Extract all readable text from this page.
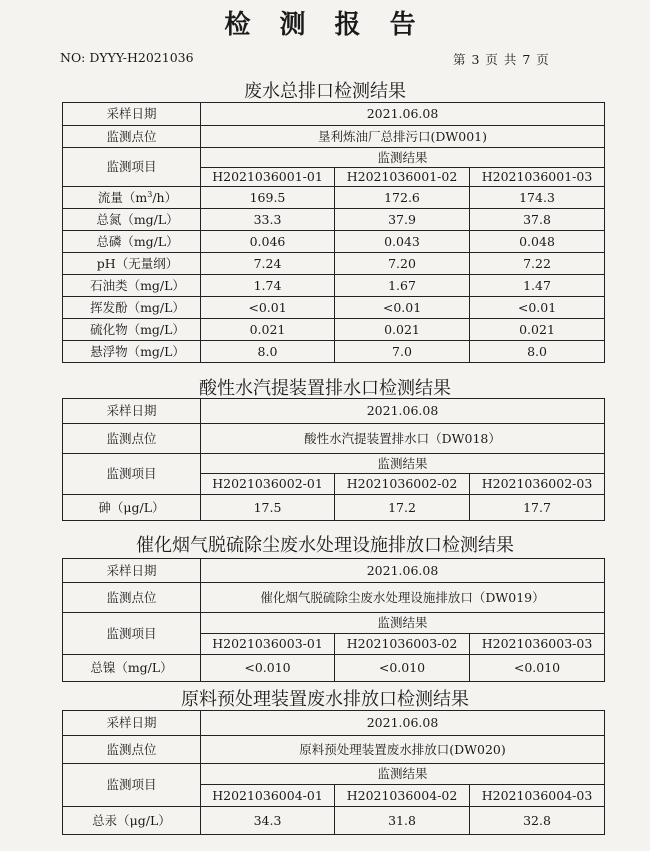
检 测 报 告
NO: DYYY-H2021036	第 3 页 共 7 页
废水总排口检测结果
采样日期	2021.06.08		
监测点位	垦利炼油厂总排污口(DW001)		
监测项目	监测结果		
	H2021036001-01	H2021036001-02	H2021036001-03
流量$(m^3/h)$	169.5	172.6	174.3
总氮（mg/L）	33.3	37.9	37.8
总磷（mg/L）	0.046	0.043	0.048
pH（无量纲）	7.24	7.20	7.22
石油类（mg/L）	1.74	1.67	1.47
挥发酚（mg/L）	<0.01	<0.01	<0.01
硫化物（mg/L）	0.021	0.021	0.021
悬浮物（mg/L）	8.0	7.0	8.0
酸性水汽提装置排水口检测结果
采样日期	2021.06.08		
监测点位	酸性水汽提装置排水口（DW018）		
监测项目	监测结果		
	H2021036002-01	H2021036002-02	H2021036002-03
砷（μg/L）	17.5	17.2	17.7
催化烟气脱硫除尘废水处理设施排放口检测结果
采样日期	2021.06.08		
监测点位	催化烟气脱硫除尘废水处理设施排放口（DW019）		
监测项目	监测结果		
	H2021036003-01	H2021036003-02	H2021036003-03
总镍（mg/L）	<0.010	<0.010	<0.010
原料预处理装置废水排放口检测结果
采样日期	2021.06.08		
监测点位	原料预处理装置废水排放口(DW020)		
监测项目	监测结果		
	H2021036004-01	H2021036004-02	H2021036004-03
总汞（μg/L）	34.3	31.8	32.8
